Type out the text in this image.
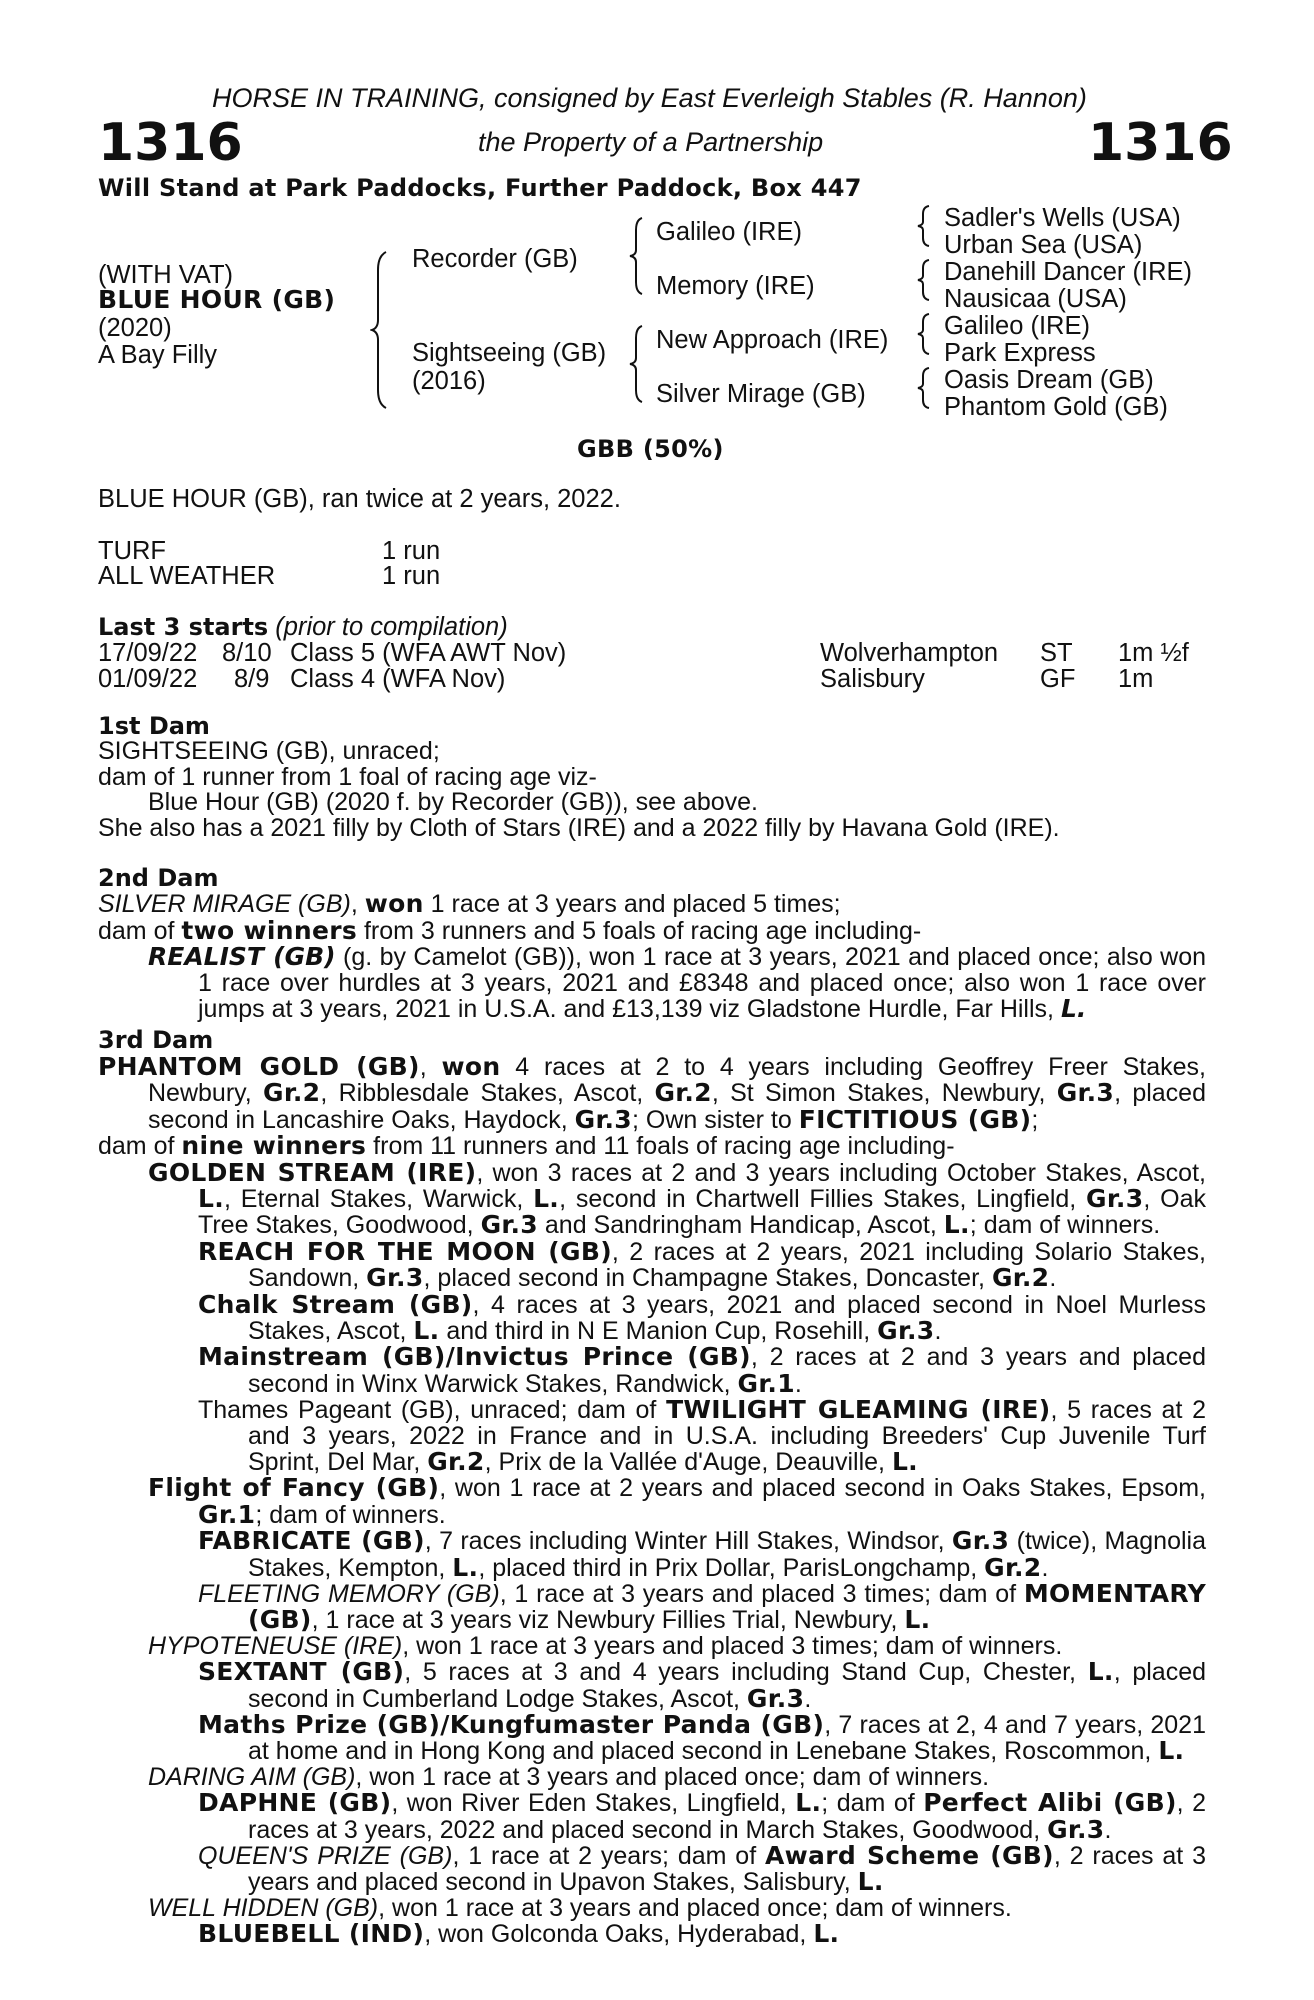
HORSE IN TRAINING, consigned by East Everleigh Stables (R. Hannon)
1316	the Property of a Partnership	1316
Will Stand at Park Paddocks, Further Paddock, Box 447
(WITH VAT)
BLUE HOUR (GB)
(2020)
A Bay Filly
Recorder (GB)
Sightseeing (GB)
(2016)
Galileo (IRE)
Memory (IRE)
New Approach (IRE)
Silver Mirage (GB)
Sadler's Wells (USA)
Urban Sea (USA)
Danehill Dancer (IRE)
Nausicaa (USA)
Galileo (IRE)
Park Express
Oasis Dream (GB)
Phantom Gold (GB)
GBB (50%)
BLUE HOUR (GB), ran twice at 2 years, 2022.
TURF	1 run
ALL WEATHER	1 run
Last 3 starts (prior to compilation)
17/09/22 8/10 Class 5 (WFA AWT Nov)	Wolverhampton ST 1m ½f
01/09/22 8/9 Class 4 (WFA Nov)	Salisbury	GF 1m
1st Dam
SIGHTSEEING (GB), unraced;
dam of 1 runner from 1 foal of racing age viz-
Blue Hour (GB) (2020 f. by Recorder (GB)), see above.
She also has a 2021 filly by Cloth of Stars (IRE) and a 2022 filly by Havana Gold (IRE).
2nd Dam
SILVER MIRAGE (GB), won 1 race at 3 years and placed 5 times;
dam of two winners from 3 runners and 5 foals of racing age including-
REALIST (GB) (g. by Camelot (GB)), won 1 race at 3 years, 2021 and placed once; also won 1 race over hurdles at 3 years, 2021 and £8348 and placed once; also won 1 race over jumps at 3 years, 2021 in U.S.A. and £13,139 viz Gladstone Hurdle, Far Hills, L.
3rd Dam
PHANTOM GOLD (GB), won 4 races at 2 to 4 years including Geoffrey Freer Stakes, Newbury, Gr.2, Ribblesdale Stakes, Ascot, Gr.2, St Simon Stakes, Newbury, Gr.3, placed second in Lancashire Oaks, Haydock, Gr.3; Own sister to FICTITIOUS (GB);
dam of nine winners from 11 runners and 11 foals of racing age including-
GOLDEN STREAM (IRE), won 3 races at 2 and 3 years including October Stakes, Ascot, L., Eternal Stakes, Warwick, L., second in Chartwell Fillies Stakes, Lingfield, Gr.3, Oak Tree Stakes, Goodwood, Gr.3 and Sandringham Handicap, Ascot, L.; dam of winners.
REACH FOR THE MOON (GB), 2 races at 2 years, 2021 including Solario Stakes, Sandown, Gr.3, placed second in Champagne Stakes, Doncaster, Gr.2.
Chalk Stream (GB), 4 races at 3 years, 2021 and placed second in Noel Murless Stakes, Ascot, L. and third in N E Manion Cup, Rosehill, Gr.3.
Mainstream (GB)/Invictus Prince (GB), 2 races at 2 and 3 years and placed second in Winx Warwick Stakes, Randwick, Gr.1.
Thames Pageant (GB), unraced; dam of TWILIGHT GLEAMING (IRE), 5 races at 2 and 3 years, 2022 in France and in U.S.A. including Breeders' Cup Juvenile Turf Sprint, Del Mar, Gr.2, Prix de la Vallée d'Auge, Deauville, L.
Flight of Fancy (GB), won 1 race at 2 years and placed second in Oaks Stakes, Epsom, Gr.1; dam of winners.
FABRICATE (GB), 7 races including Winter Hill Stakes, Windsor, Gr.3 (twice), Magnolia Stakes, Kempton, L., placed third in Prix Dollar, ParisLongchamp, Gr.2.
FLEETING MEMORY (GB), 1 race at 3 years and placed 3 times; dam of MOMENTARY (GB), 1 race at 3 years viz Newbury Fillies Trial, Newbury, L.
HYPOTENEUSE (IRE), won 1 race at 3 years and placed 3 times; dam of winners.
SEXTANT (GB), 5 races at 3 and 4 years including Stand Cup, Chester, L., placed second in Cumberland Lodge Stakes, Ascot, Gr.3.
Maths Prize (GB)/Kungfumaster Panda (GB), 7 races at 2, 4 and 7 years, 2021 at home and in Hong Kong and placed second in Lenebane Stakes, Roscommon, L.
DARING AIM (GB), won 1 race at 3 years and placed once; dam of winners.
DAPHNE (GB), won River Eden Stakes, Lingfield, L.; dam of Perfect Alibi (GB), 2 races at 3 years, 2022 and placed second in March Stakes, Goodwood, Gr.3.
QUEEN'S PRIZE (GB), 1 race at 2 years; dam of Award Scheme (GB), 2 races at 3 years and placed second in Upavon Stakes, Salisbury, L.
WELL HIDDEN (GB), won 1 race at 3 years and placed once; dam of winners.
BLUEBELL (IND), won Golconda Oaks, Hyderabad, L.
